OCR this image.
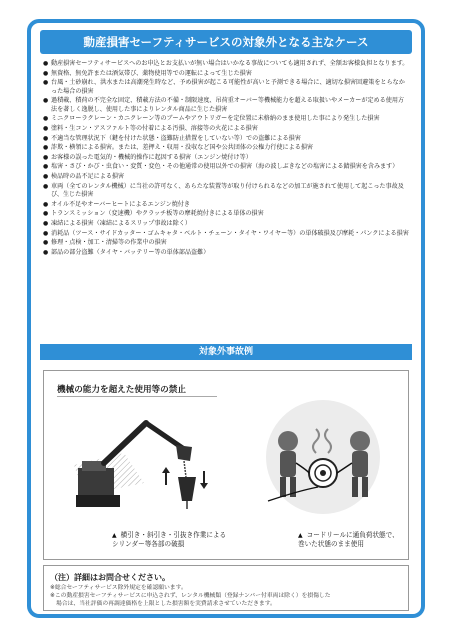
動産損害セーフティサービスの対象外となる主なケース
● 動産損害セーフティサービスへのお申込とお支払いが無い場合はいかなる事故についても適用されず、全額お客様負担となります。
● 無資格、無免許または酒気帯び、薬物使用等での運転によって生じた損害
● 台風・土砂崩れ、洪水または高潮発生時など、予め損害が起こる可能性が高いと予測できる場合に、適切な損害回避策をとらなかった場合の損害
● 過積載、積荷の不完全な固定、積載方法の不備・制限速度、吊荷重オーバー等機械能力を超える取扱いやメーカーが定める使用方法を著しく逸脱し、使用した事によりレンタル商品に生じた損害
● ミニクローラクレーン・カニクレーン等のブームやアウトリガーを定位置に未格納のまま使用した事により発生した損害
● 塗料・生コン・アスファルト等の付着による汚損、溶接等の火花による損害
● 不適当な管理状況下（鍵を付けた状態・盗難防止措置をしていない等）での盗難による損害
● 詐欺・横領による損害。または、差押え・収用・没収など国や公共団体の公権力行使による損害
● お客様の誤った電気的・機械的操作に起因する損害（エンジン焼付け等）
● 塩害・さび・かび・虫食い・変質・変色・その他通常の使用以外での損害（海の波しぶきなどの塩害による錆損害を含みます）
● 検品時の品不足による損害
● 車両（全てのレンタル機械）に当社の許可なく、あらたな装置等が取り付けられるなどの加工が施されて使用して起こった事故及び、生じた損害
● オイル不足やオーバーヒートによるエンジン焼付き
● トランスミッション（変速機）やクラッチ板等の摩耗焼付きによる単体の損害
● 凍結による損害（凍結によるスリップ事故は除く）
● 消耗品（ツース・サイドカッター・ゴムキャタ・ベルト・チェーン・タイヤ・ワイヤー等）の単体破損及び摩耗・パンクによる損害
● 修理・点検・加工・清掃等の作業中の損害
● 部品の部分盗難（タイヤ・バッテリー等の単体部品盗難）
対象外事故例
機械の能力を超えた使用等の禁止
▲ 横引き・斜引き・引抜き作業による
シリンダー等各部の破損
▲ コードリールに通負荷状態で、
巻いた状態のまま使用
（注）詳細はお問合せください。
※総合セーフティサービス除外規定を確認願います。
※この動産損害セーフティサービスに申込されず、レンタル機械類（登録ナンバー付車両は除く）を損傷した
場合は、当社評価の再調達価格を上限とした損害額を実費請求させていただきます。
